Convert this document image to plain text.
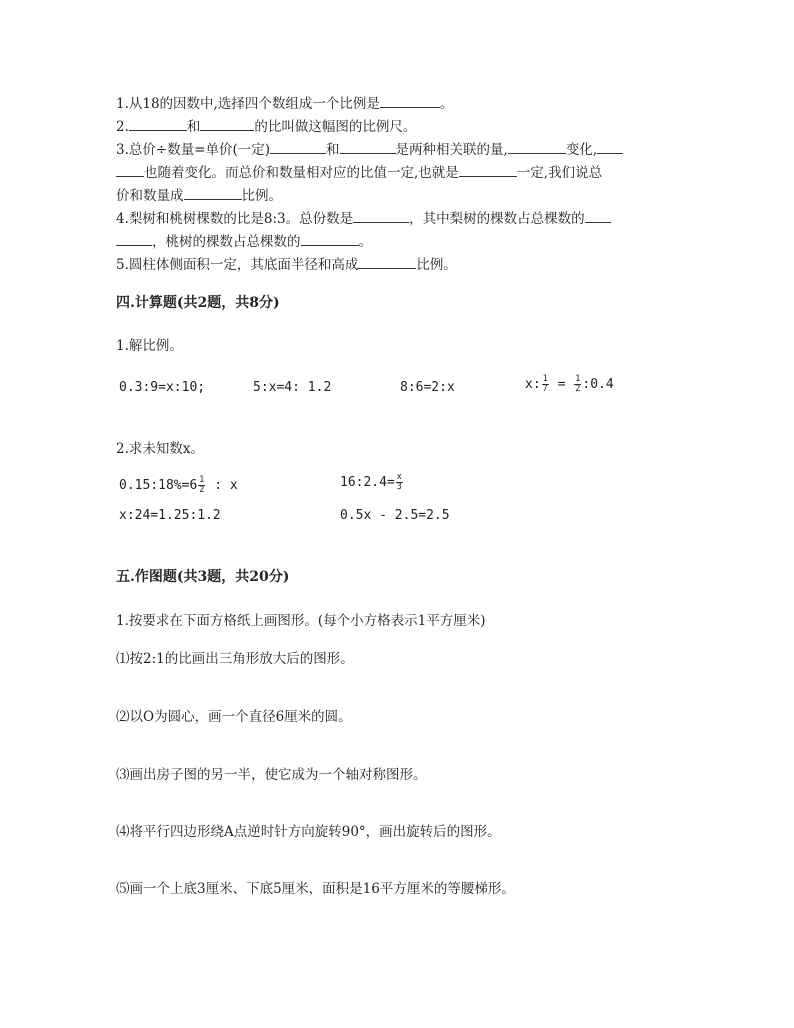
1.从18的因数中,选择四个数组成一个比例是	。
2.	和	的比叫做这幅图的比例尺。
3.总价÷数量=单价(一定)	和	是两种相关联的量,	变化,
也随着变化。而总价和数量相对应的比值一定,也就是	一定,我们说总
价和数量成	比例。
4.梨树和桃树棵数的比是8:3。总份数是	，其中梨树的棵数占总棵数的
，桃树的棵数占总棵数的	。
5.圆柱体侧面积一定，其底面半径和高成	比例。
四.计算题(共2题，共8分)
1.解比例。
0.3:9=x:10;	5:x=4: 1.2	8:6=2:x	x: $\frac{1}{7} = \frac{1}{2}$ :0.4
2.求未知数x。
0.15:18%=6 $\frac{1}{2}$ : x	16:2.4= $\frac{x}{3}$
x:24=1.25:1.2	0.5x - 2.5=2.5
五.作图题(共3题，共20分)
1.按要求在下面方格纸上画图形。(每个小方格表示1平方厘米)
⑴按2:1的比画出三角形放大后的图形。
⑵以O为圆心，画一个直径6厘米的圆。
⑶画出房子图的另一半，使它成为一个轴对称图形。
⑷将平行四边形绕A点逆时针方向旋转90°，画出旋转后的图形。
⑸画一个上底3厘米、下底5厘米，面积是16平方厘米的等腰梯形。
